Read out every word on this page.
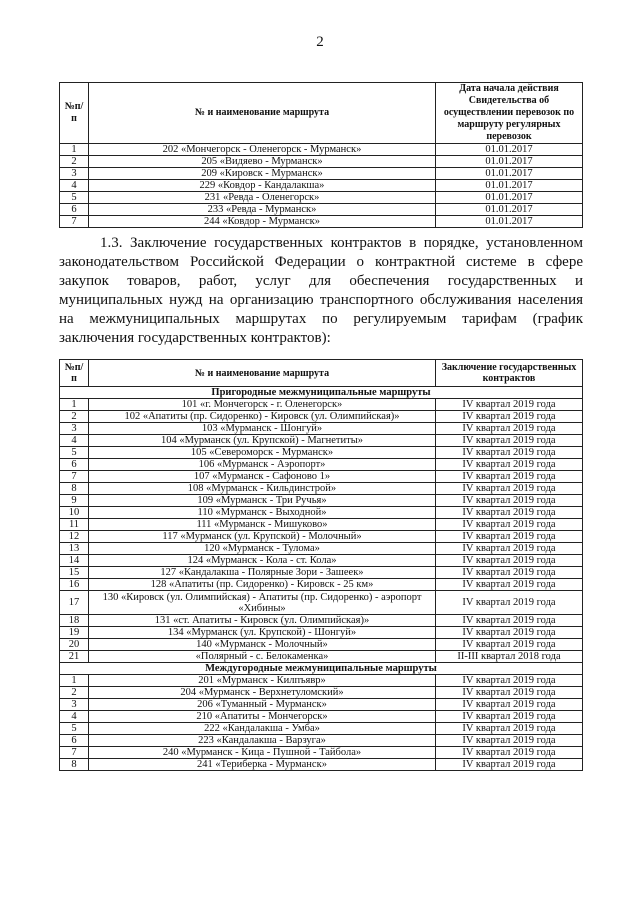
2
№п/п	№ и наименование маршрута	Дата начала действия Свидетельства об осуществлении перевозок по маршруту регулярных перевозок
1	202 «Мончегорск - Оленегорск - Мурманск»	01.01.2017
2	205 «Видяево - Мурманск»	01.01.2017
3	209 «Кировск - Мурманск»	01.01.2017
4	229 «Ковдор - Кандалакша»	01.01.2017
5	231 «Ревда - Оленегорск»	01.01.2017
6	233 «Ревда - Мурманск»	01.01.2017
7	244 «Ковдор - Мурманск»	01.01.2017
1.3. Заключение государственных контрактов в порядке, установленном
законодательством Российской Федерации о контрактной системе в сфере
закупок товаров, работ, услуг для обеспечения государственных и
муниципальных нужд на организацию транспортного обслуживания населения
на межмуниципальных маршрутах по регулируемым тарифам (график
заключения государственных контрактов):
№п/п	№ и наименование маршрута	Заключение государственных контрактов
Пригородные межмуниципальные маршруты		
1	101 «г. Мончегорск - г. Оленегорск»	IV квартал 2019 года
2	102 «Апатиты (пр. Сидоренко) - Кировск (ул. Олимпийская)»	IV квартал 2019 года
3	103 «Мурманск - Шонгуй»	IV квартал 2019 года
4	104 «Мурманск (ул. Крупской) - Магнетиты»	IV квартал 2019 года
5	105 «Североморск - Мурманск»	IV квартал 2019 года
6	106 «Мурманск - Аэропорт»	IV квартал 2019 года
7	107 «Мурманск - Сафоново 1»	IV квартал 2019 года
8	108 «Мурманск - Кильдинстрой»	IV квартал 2019 года
9	109 «Мурманск - Три Ручья»	IV квартал 2019 года
10	110 «Мурманск - Выходной»	IV квартал 2019 года
11	111 «Мурманск - Мишуково»	IV квартал 2019 года
12	117 «Мурманск (ул. Крупской) - Молочный»	IV квартал 2019 года
13	120 «Мурманск - Тулома»	IV квартал 2019 года
14	124 «Мурманск - Кола - ст. Кола»	IV квартал 2019 года
15	127 «Кандалакша - Полярные Зори - Зашеек»	IV квартал 2019 года
16	128 «Апатиты (пр. Сидоренко) - Кировск - 25 км»	IV квартал 2019 года
17	130 «Кировск (ул. Олимпийская) - Апатиты (пр. Сидоренко) - аэропорт «Хибины»	IV квартал 2019 года
18	131 «ст. Апатиты - Кировск (ул. Олимпийская)»	IV квартал 2019 года
19	134 «Мурманск (ул. Крупской) - Шонгуй»	IV квартал 2019 года
20	140 «Мурманск - Молочный»	IV квартал 2019 года
21	«Полярный - с. Белокаменка»	II-III квартал 2018 года
Междугородные межмуниципальные маршруты		
1	201 «Мурманск - Килпъявр»	IV квартал 2019 года
2	204 «Мурманск - Верхнетуломский»	IV квартал 2019 года
3	206 «Туманный - Мурманск»	IV квартал 2019 года
4	210 «Апатиты - Мончегорск»	IV квартал 2019 года
5	222 «Кандалакша - Умба»	IV квартал 2019 года
6	223 «Кандалакша - Варзуга»	IV квартал 2019 года
7	240 «Мурманск - Кица - Пушной - Тайбола»	IV квартал 2019 года
8	241 «Териберка - Мурманск»	IV квартал 2019 года
